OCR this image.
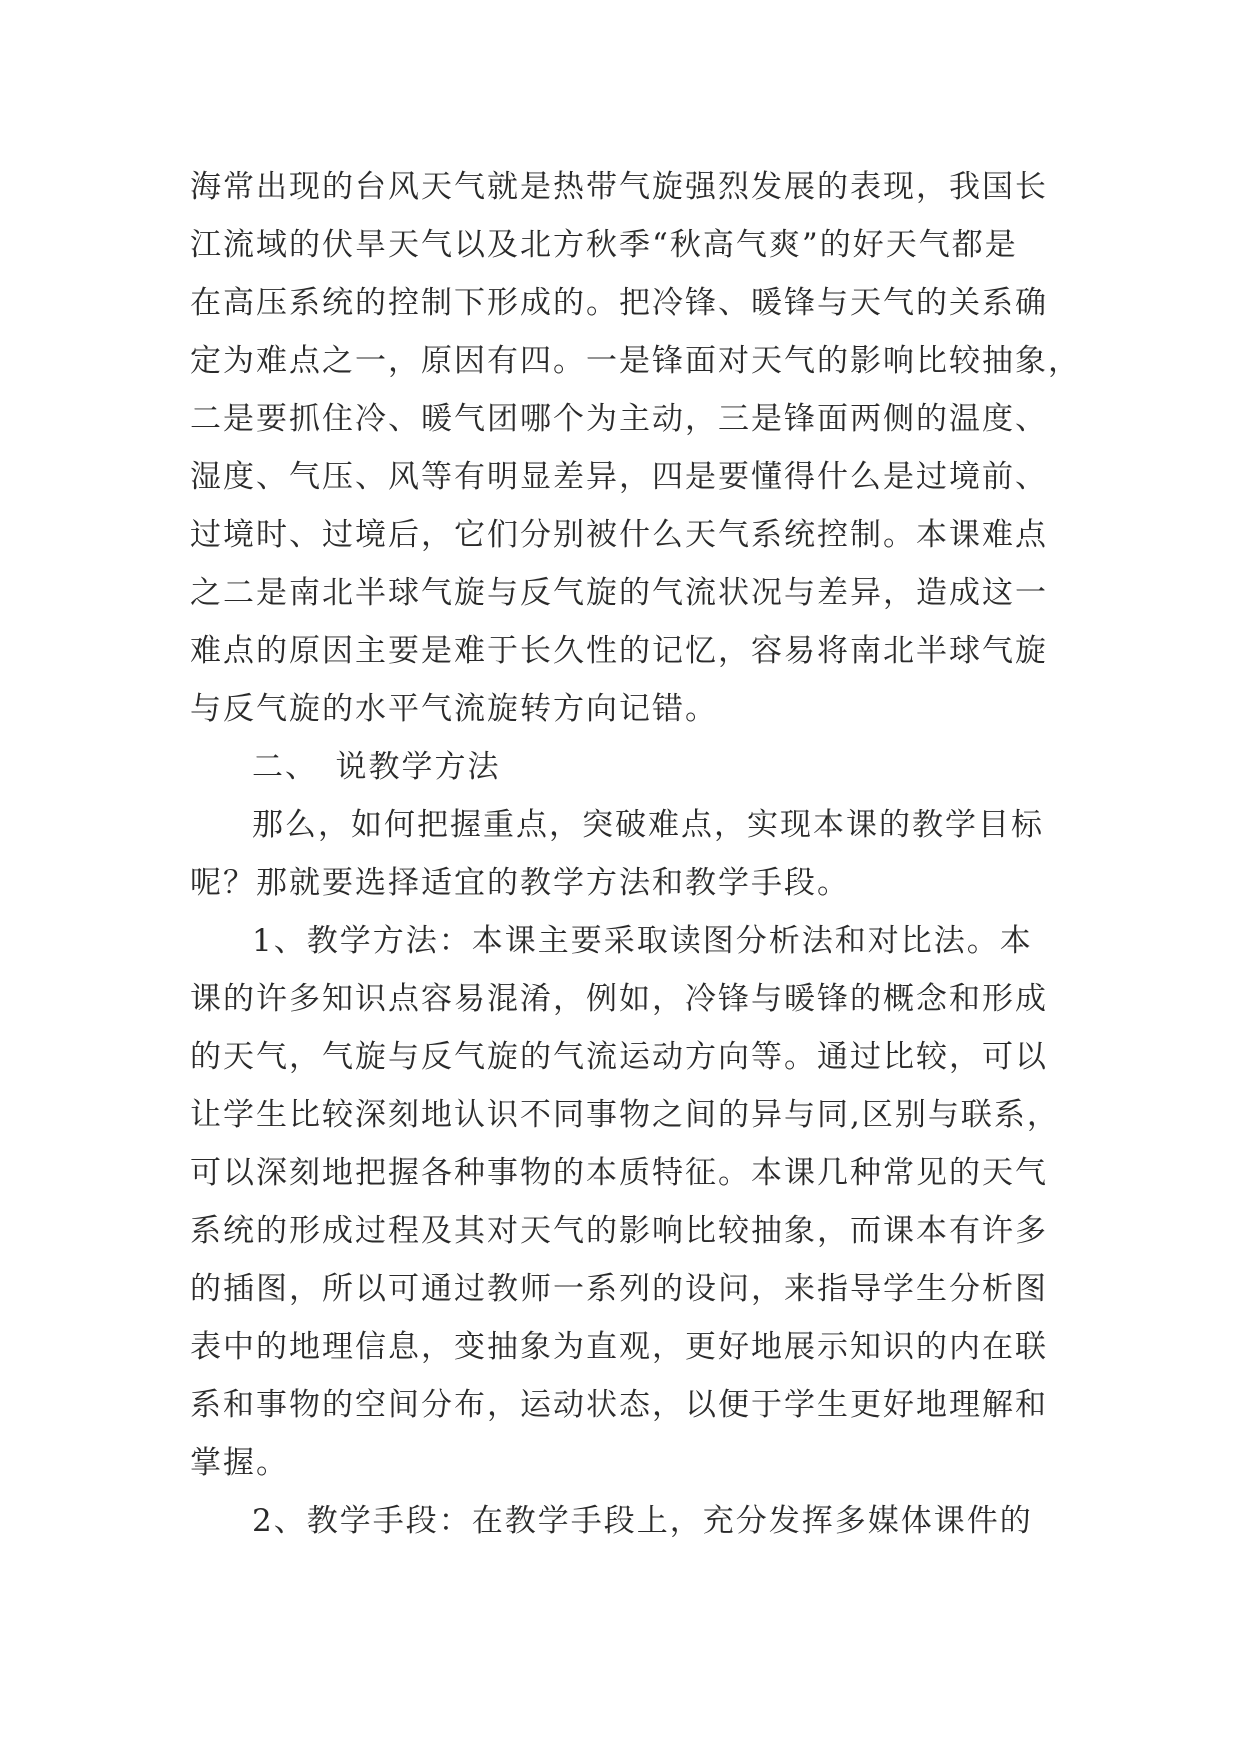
海常出现的台风天气就是热带气旋强烈发展的表现，我国长
江流域的伏旱天气以及北方秋季“秋高气爽”的好天气都是
在高压系统的控制下形成的。把冷锋、暖锋与天气的关系确
定为难点之一，原因有四。一是锋面对天气的影响比较抽象，
二是要抓住冷、暖气团哪个为主动，三是锋面两侧的温度、
湿度、气压、风等有明显差异，四是要懂得什么是过境前、
过境时、过境后，它们分别被什么天气系统控制。本课难点
之二是南北半球气旋与反气旋的气流状况与差异，造成这一
难点的原因主要是难于长久性的记忆，容易将南北半球气旋
与反气旋的水平气流旋转方向记错。
二、　说教学方法
那么，如何把握重点，突破难点，实现本课的教学目标
呢？那就要选择适宜的教学方法和教学手段。
1、教学方法：本课主要采取读图分析法和对比法。本
课的许多知识点容易混淆，例如，冷锋与暖锋的概念和形成
的天气，气旋与反气旋的气流运动方向等。通过比较，可以
让学生比较深刻地认识不同事物之间的异与同,区别与联系，
可以深刻地把握各种事物的本质特征。本课几种常见的天气
系统的形成过程及其对天气的影响比较抽象，而课本有许多
的插图，所以可通过教师一系列的设问，来指导学生分析图
表中的地理信息，变抽象为直观，更好地展示知识的内在联
系和事物的空间分布，运动状态，以便于学生更好地理解和
掌握。
2、教学手段：在教学手段上，充分发挥多媒体课件的
